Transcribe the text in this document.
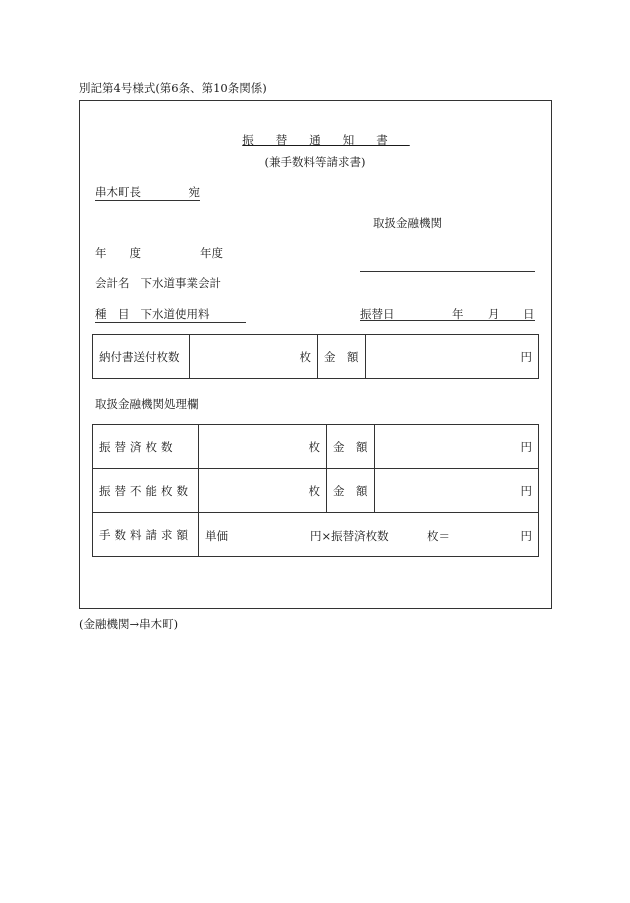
別記第4号様式(第6条、第10条関係)
振替通知書
(兼手数料等請求書)
串木町長	宛
取扱金融機関
年　　度	年度
会計名 下水道事業会計
種　目 下水道使用料	振替日	年 月 日
納付書送付枚数	枚	金　額	円
取扱金融機関処理欄
振替済枚数	枚	金　額	円
振替不能枚数	枚	金　額	円
手数料請求額	単価 円×振替済枚数 枚＝ 円		
(金融機関→串木町)
